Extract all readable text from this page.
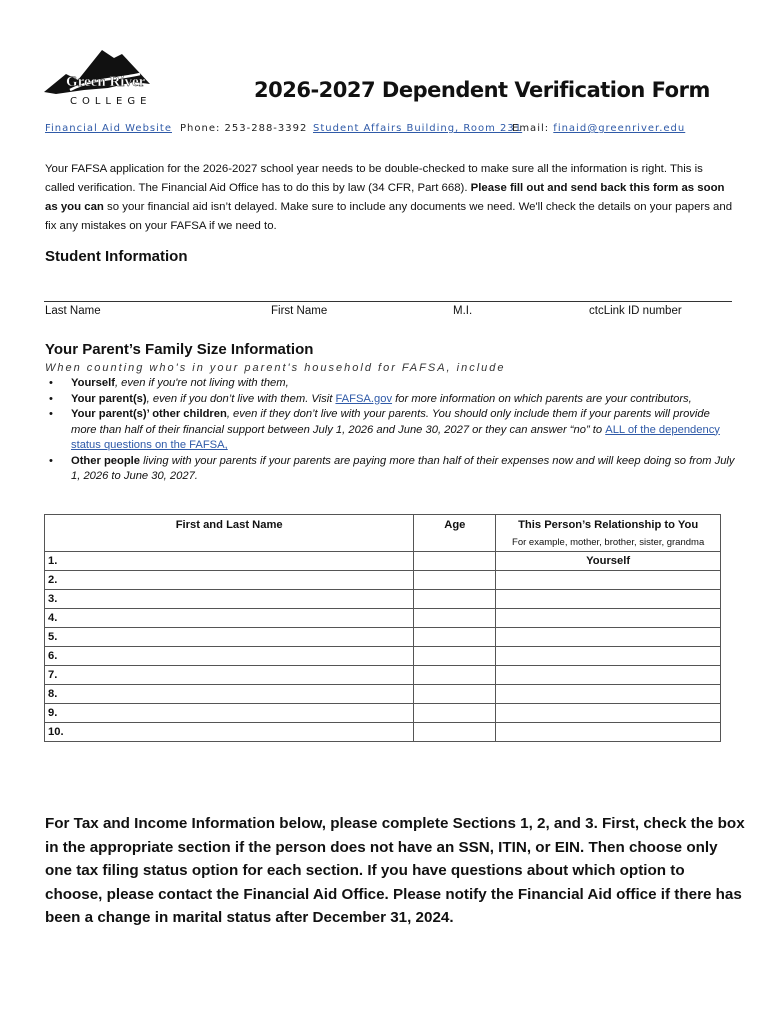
Green River
COLLEGE	2026-2027 Dependent Verification Form
Financial Aid Website Phone: 253-288-3392 Student Affairs Building, Room 231
Email: finaid@greenriver.edu
Your FAFSA application for the 2026-2027 school year needs to be double-checked to make sure all the information is right. This is called verification. The Financial Aid Office has to do this by law (34 CFR, Part 668). Please fill out and send back this form as soon as you can so your financial aid isn’t delayed. Make sure to include any documents we need. We'll check the details on your papers and fix any mistakes on your FAFSA if we need to.
Student Information
Last Name	First Name	M.I.	ctcLink ID number
Your Parent’s Family Size Information
When counting who's in your parent's household for FAFSA, include
• Yourself, even if you're not living with them,
• Your parent(s), even if you don’t live with them. Visit FAFSA.gov for more information on which parents are your contributors,
• Your parent(s)’ other children, even if they don’t live with your parents. You should only include them if your parents will provide more than half of their financial support between July 1, 2026 and June 30, 2027 or they can answer “no” to ALL of the dependency status questions on the FAFSA,
• Other people living with your parents if your parents are paying more than half of their expenses now and will keep doing so from July 1, 2026 to June 30, 2027.
First and Last Name	Age	This Person’s Relationship to You
For example, mother, brother, sister, grandma

1.		Yourself
2.		
3.		
4.		
5.		
6.		
7.		
8.		
9.		
10.		
For Tax and Income Information below, please complete Sections 1, 2, and 3. First, check the box in the appropriate section if the person does not have an SSN, ITIN, or EIN. Then choose only one tax filing status option for each section. If you have questions about which option to choose, please contact the Financial Aid Office. Please notify the Financial Aid office if there has been a change in marital status after December 31, 2024.
